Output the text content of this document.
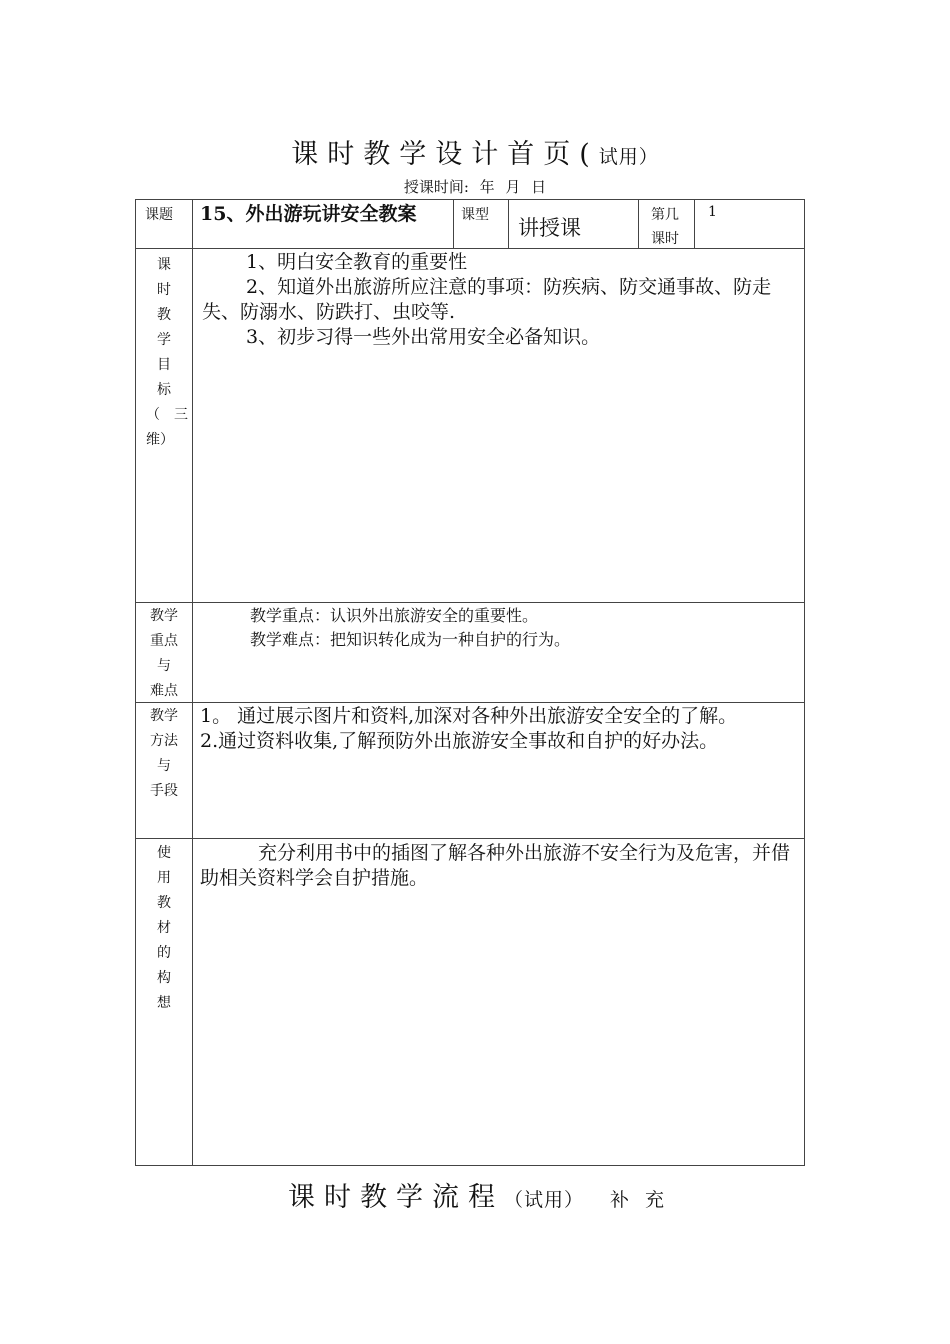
课时教学设计首页(试用）
授课时间: 年 月 日
课题 15、外出游玩讲安全教案	课型
讲授课
第几
课时
1
课
时
教
学
目
标
（　三
维）
1、明白安全教育的重要性
2、知道外出旅游所应注意的事项：防疾病、防交通事故、防走失、防溺水、防跌打、虫咬等.
3、初步习得一些外出常用安全必备知识。
教学
重点
与
难点
教学重点：认识外出旅游安全的重要性。
教学难点：把知识转化成为一种自护的行为。
教学
方法
与
手段
1。 通过展示图片和资料,加深对各种外出旅游安全安全的了解。
2.通过资料收集,了解预防外出旅游安全事故和自护的好办法。
使
用
教
材
的
构
想
充分利用书中的插图了解各种外出旅游不安全行为及危害，并借助相关资料学会自护措施。
课时教学流程（试用） 补充
